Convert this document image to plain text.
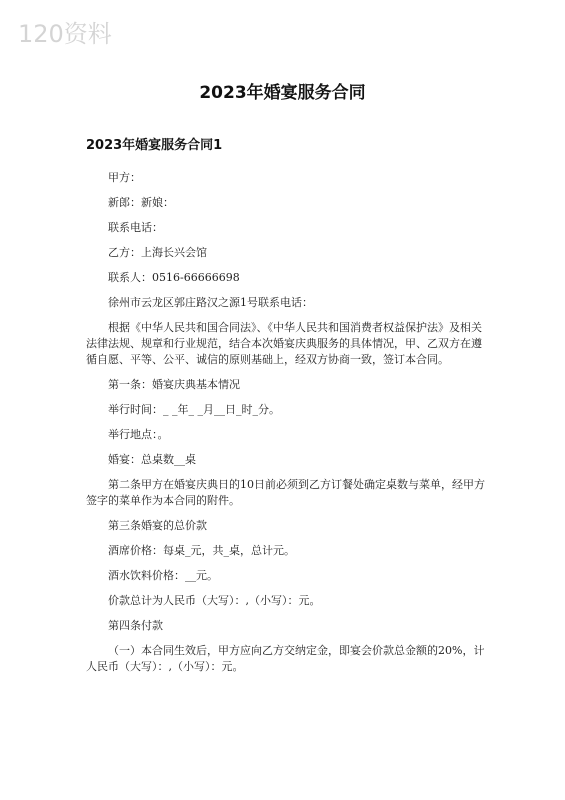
120资料
2023年婚宴服务合同
2023年婚宴服务合同1

甲方：

新郎：新娘：

联系电话：

乙方：上海长兴会馆

联系人：0516-66666698

徐州市云龙区郭庄路汉之源1号联系电话：

根据《中华人民共和国合同法》、《中华人民共和国消费者权益保护法》及相关法律法规、规章和行业规范，结合本次婚宴庆典服务的具体情况，甲、乙双方在遵循自愿、平等、公平、诚信的原则基础上，经双方协商一致，签订本合同。

第一条：婚宴庆典基本情况

举行时间：_ _年_ _月__日_时_分。

举行地点：。

婚宴：总桌数__桌

第二条甲方在婚宴庆典日的10日前必须到乙方订餐处确定桌数与菜单，经甲方签字的菜单作为本合同的附件。

第三条婚宴的总价款

酒席价格：每桌_元，共_桌，总计元。

酒水饮料价格：__元。

价款总计为人民币（大写）：,（小写）：元。

第四条付款

（一）本合同生效后，甲方应向乙方交纳定金，即宴会价款总金额的20%，计人民币（大写）：,（小写）：元。
